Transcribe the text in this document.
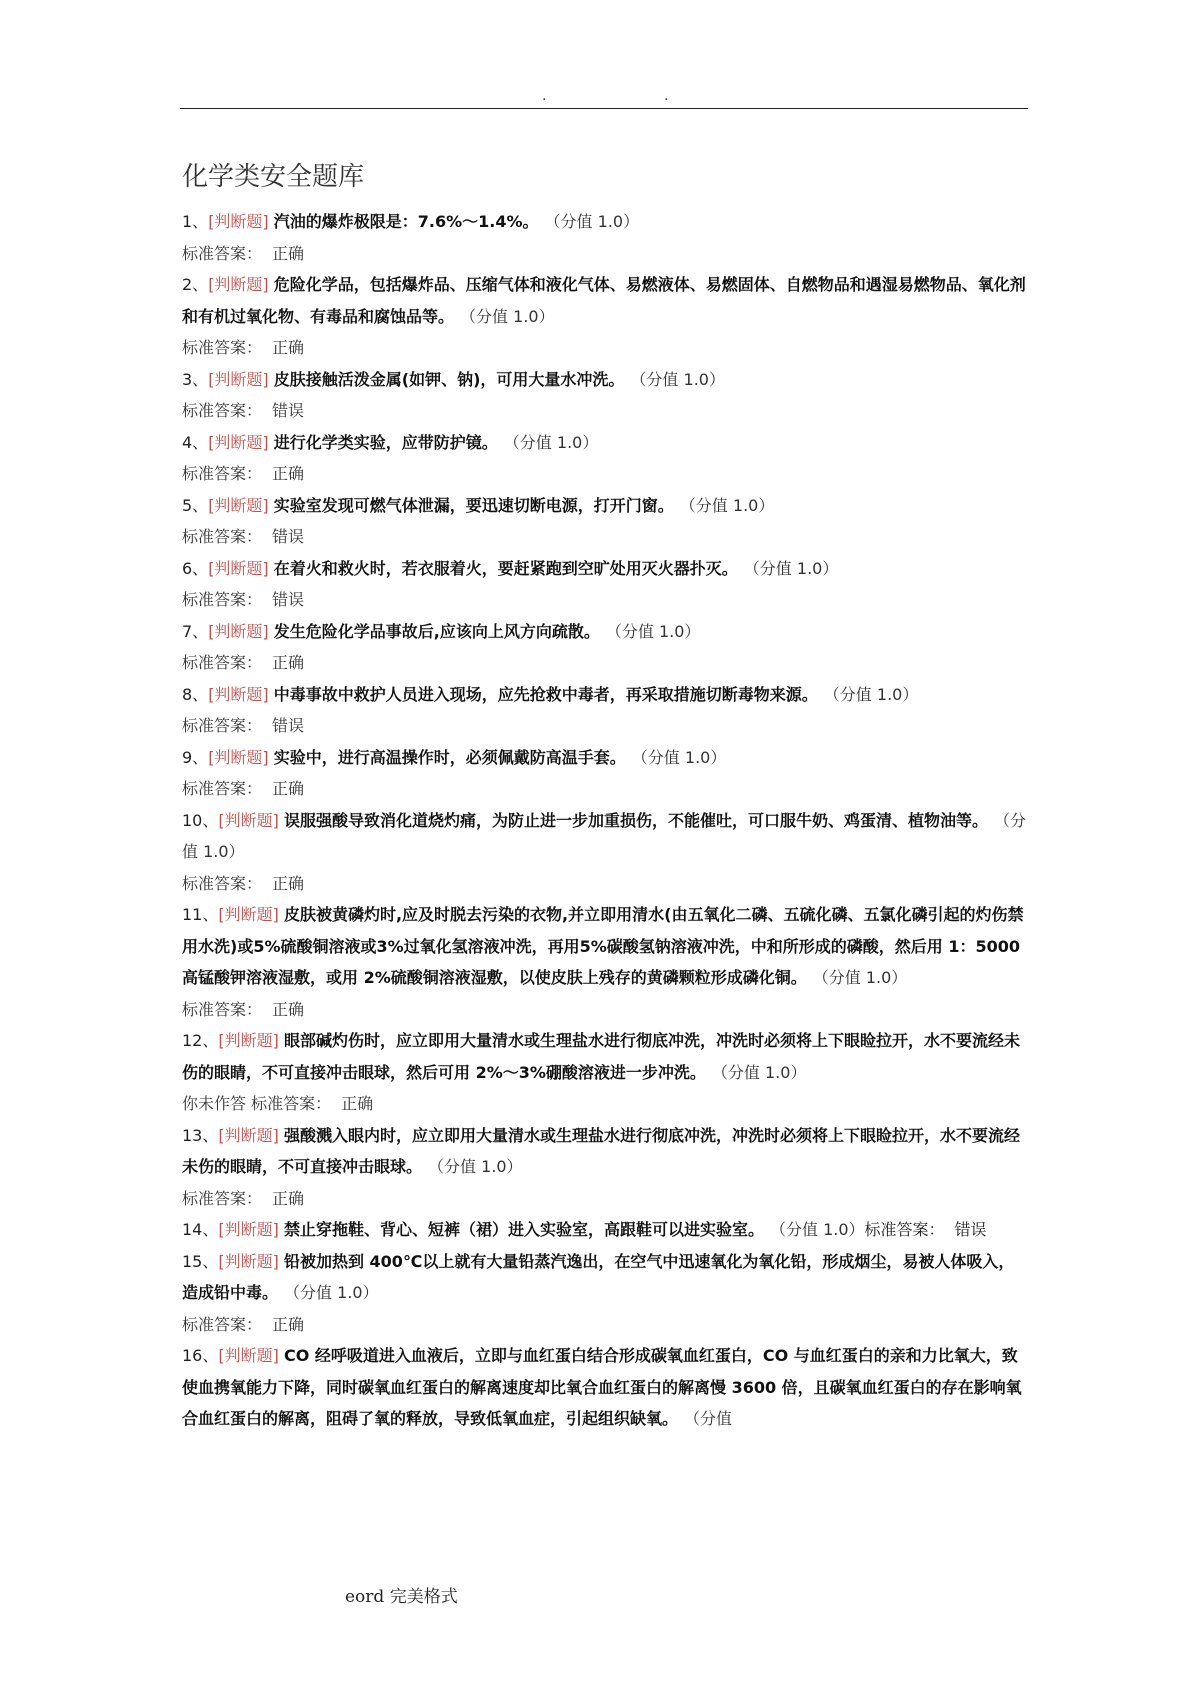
.	.
化学类安全题库

1、[判断题] 汽油的爆炸极限是：7.6%～1.4%。 （分值 1.0）

标准答案： 正确

2、[判断题] 危险化学品，包括爆炸品、压缩气体和液化气体、易燃液体、易燃固体、自燃物品和遇湿易燃物品、氧化剂和有机过氧化物、有毒品和腐蚀品等。 （分值 1.0）

标准答案： 正确

3、[判断题] 皮肤接触活泼金属(如钾、钠)，可用大量水冲洗。 （分值 1.0）

标准答案： 错误

4、[判断题] 进行化学类实验，应带防护镜。 （分值 1.0）

标准答案： 正确

5、[判断题] 实验室发现可燃气体泄漏，要迅速切断电源，打开门窗。 （分值 1.0）

标准答案： 错误

6、[判断题] 在着火和救火时，若衣服着火，要赶紧跑到空旷处用灭火器扑灭。 （分值 1.0）

标准答案： 错误

7、[判断题] 发生危险化学品事故后,应该向上风方向疏散。 （分值 1.0）

标准答案： 正确

8、[判断题] 中毒事故中救护人员进入现场，应先抢救中毒者，再采取措施切断毒物来源。 （分值 1.0）

标准答案： 错误

9、[判断题] 实验中，进行高温操作时，必须佩戴防高温手套。 （分值 1.0）

标准答案： 正确

10、[判断题] 误服强酸导致消化道烧灼痛，为防止进一步加重损伤，不能催吐，可口服牛奶、鸡蛋清、植物油等。 （分值 1.0）

标准答案： 正确

11、[判断题] 皮肤被黄磷灼时,应及时脱去污染的衣物,并立即用清水(由五氧化二磷、五硫化磷、五氯化磷引起的灼伤禁用水洗)或5%硫酸铜溶液或3%过氧化氢溶液冲洗，再用5%碳酸氢钠溶液冲洗，中和所形成的磷酸，然后用 1：5000 高锰酸钾溶液湿敷，或用 2%硫酸铜溶液湿敷，以使皮肤上残存的黄磷颗粒形成磷化铜。 （分值 1.0）

标准答案： 正确

12、[判断题] 眼部碱灼伤时，应立即用大量清水或生理盐水进行彻底冲洗，冲洗时必须将上下眼睑拉开，水不要流经未伤的眼睛，不可直接冲击眼球，然后可用 2%～3%硼酸溶液进一步冲洗。 （分值 1.0）

你未作答 标准答案： 正确

13、[判断题] 强酸溅入眼内时，应立即用大量清水或生理盐水进行彻底冲洗，冲洗时必须将上下眼睑拉开，水不要流经未伤的眼睛，不可直接冲击眼球。 （分值 1.0）

标准答案： 正确

14、[判断题] 禁止穿拖鞋、背心、短裤（裙）进入实验室，高跟鞋可以进实验室。 （分值 1.0）标准答案： 错误

15、[判断题] 铅被加热到 400℃以上就有大量铅蒸汽逸出，在空气中迅速氧化为氧化铅，形成烟尘，易被人体吸入，造成铅中毒。 （分值 1.0）

标准答案： 正确

16、[判断题] CO 经呼吸道进入血液后，立即与血红蛋白结合形成碳氧血红蛋白，CO 与血红蛋白的亲和力比氧大，致使血携氧能力下降，同时碳氧血红蛋白的解离速度却比氧合血红蛋白的解离慢 3600 倍，且碳氧血红蛋白的存在影响氧合血红蛋白的解离，阻碍了氧的释放，导致低氧血症，引起组织缺氧。 （分值

eord 完美格式
